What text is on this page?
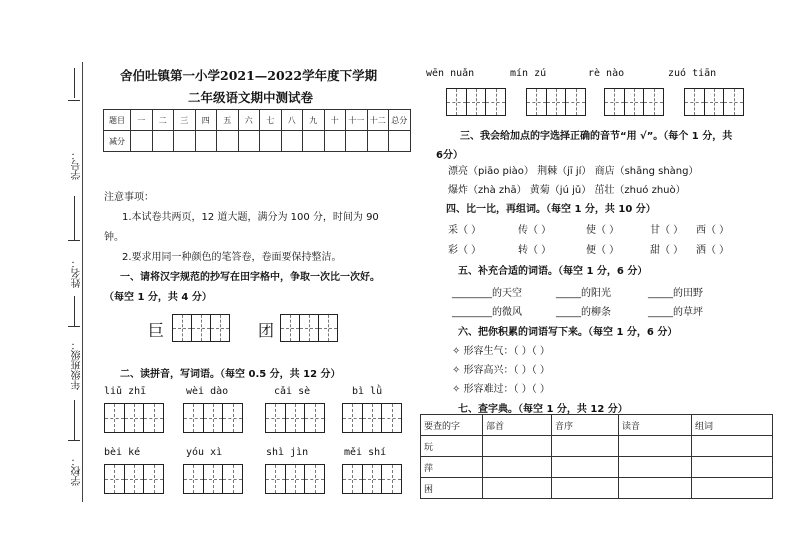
学号：
姓名：
年级班级：
学校：
舍伯吐镇第一小学2021—2022学年度下学期
二年级语文期中测试卷
题目	一	二	三	四	五	六	七	八	九	十	十一	十二	总分
减分													
注意事项：
1.本试卷共两页，12 道大题，满分为 100 分，时间为 90
钟。
2.要求用同一种颜色的笔答卷，卷面要保持整洁。
一、请将汉字规范的抄写在田字格中，争取一次比一次好。
（每空 1 分，共 4 分）
巨	团
二、读拼音，写词语。（每空 0.5 分，共 12 分）
liǔ zhī	wèi dào	cǎi sè	bì lǜ
bèi ké	yóu xì	shì jìn	měi shí
wēn nuǎn	mín zú	rè nào	zuó tiān
三、我会给加点的字选择正确的音节“用 √”。（每个 1 分，共
6分）
漂亮（piāo piào） 荆棘（jī jí） 商店（shāng shàng）
爆炸（zhà zhā） 黄菊（jú jǔ） 茁壮（zhuó zhuò）
四、比一比，再组词。（每空 1 分，共 10 分）
采（ ）	传（ ）	使（ ）	甘（ ） 西（ ）
彩（ ）	转（ ）	便（ ）	甜（ ） 洒（ ）
五、补充合适的词语。（每空 1 分，6 分）
________的天空	_____的阳光	_____的田野
________的微风	_____的柳条	_____的草坪
六、把你积累的词语写下来。（每空 1 分，6 分）
✧ 形容生气：（ ）（ ）
✧ 形容高兴：（ ）（ ）
✧ 形容难过：（ ）（ ）
七、查字典。（每空 1 分，共 12 分）
要查的字	部首	音序	读音	组词
玩				
萍				
困				
